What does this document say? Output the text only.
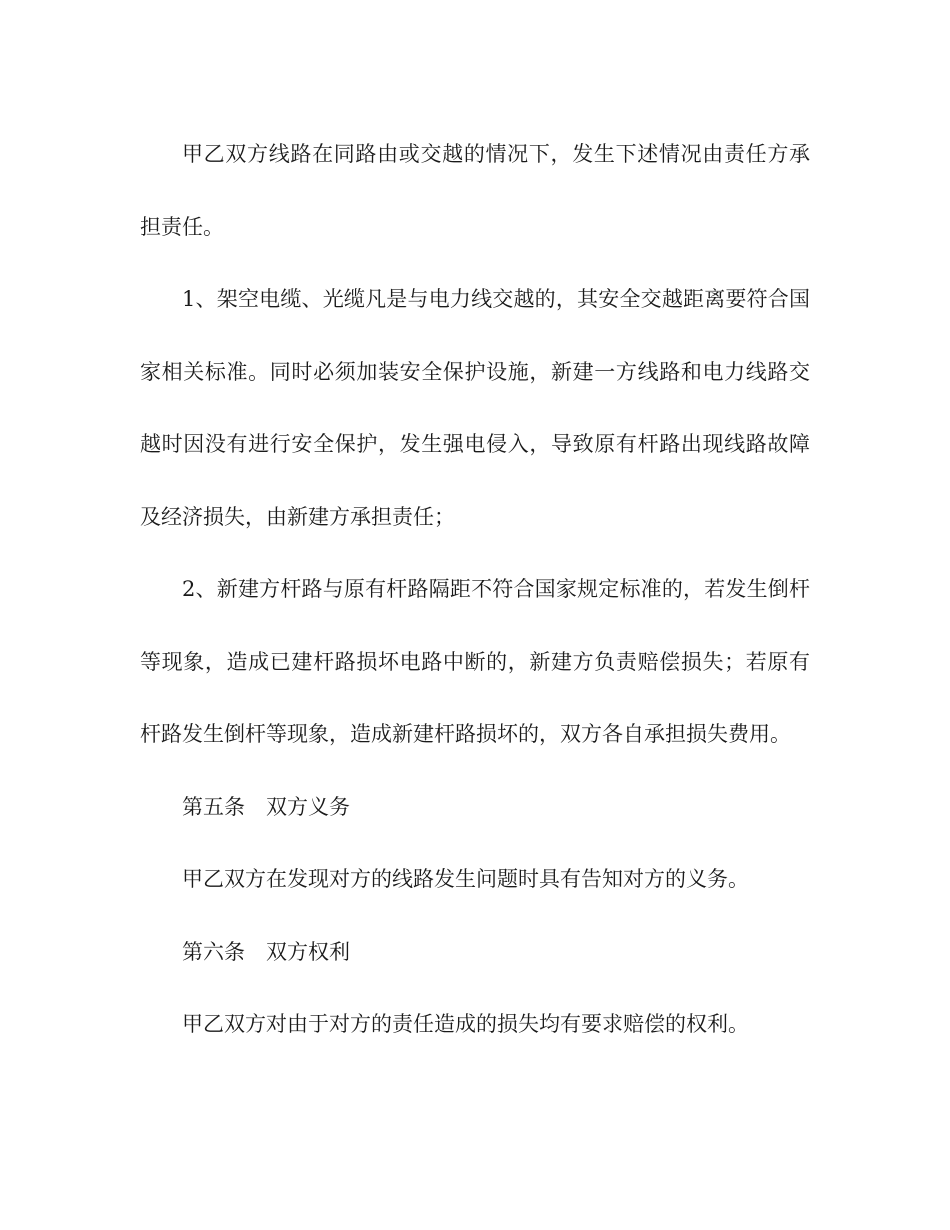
甲乙双方线路在同路由或交越的情况下，发生下述情况由责任方承担责任。

1、架空电缆、光缆凡是与电力线交越的，其安全交越距离要符合国家相关标准。同时必须加装安全保护设施，新建一方线路和电力线路交越时因没有进行安全保护，发生强电侵入，导致原有杆路出现线路故障及经济损失，由新建方承担责任；

2、新建方杆路与原有杆路隔距不符合国家规定标准的，若发生倒杆等现象，造成已建杆路损坏电路中断的，新建方负责赔偿损失；若原有杆路发生倒杆等现象，造成新建杆路损坏的，双方各自承担损失费用。

第五条　双方义务

甲乙双方在发现对方的线路发生问题时具有告知对方的义务。

第六条　双方权利

甲乙双方对由于对方的责任造成的损失均有要求赔偿的权利。
